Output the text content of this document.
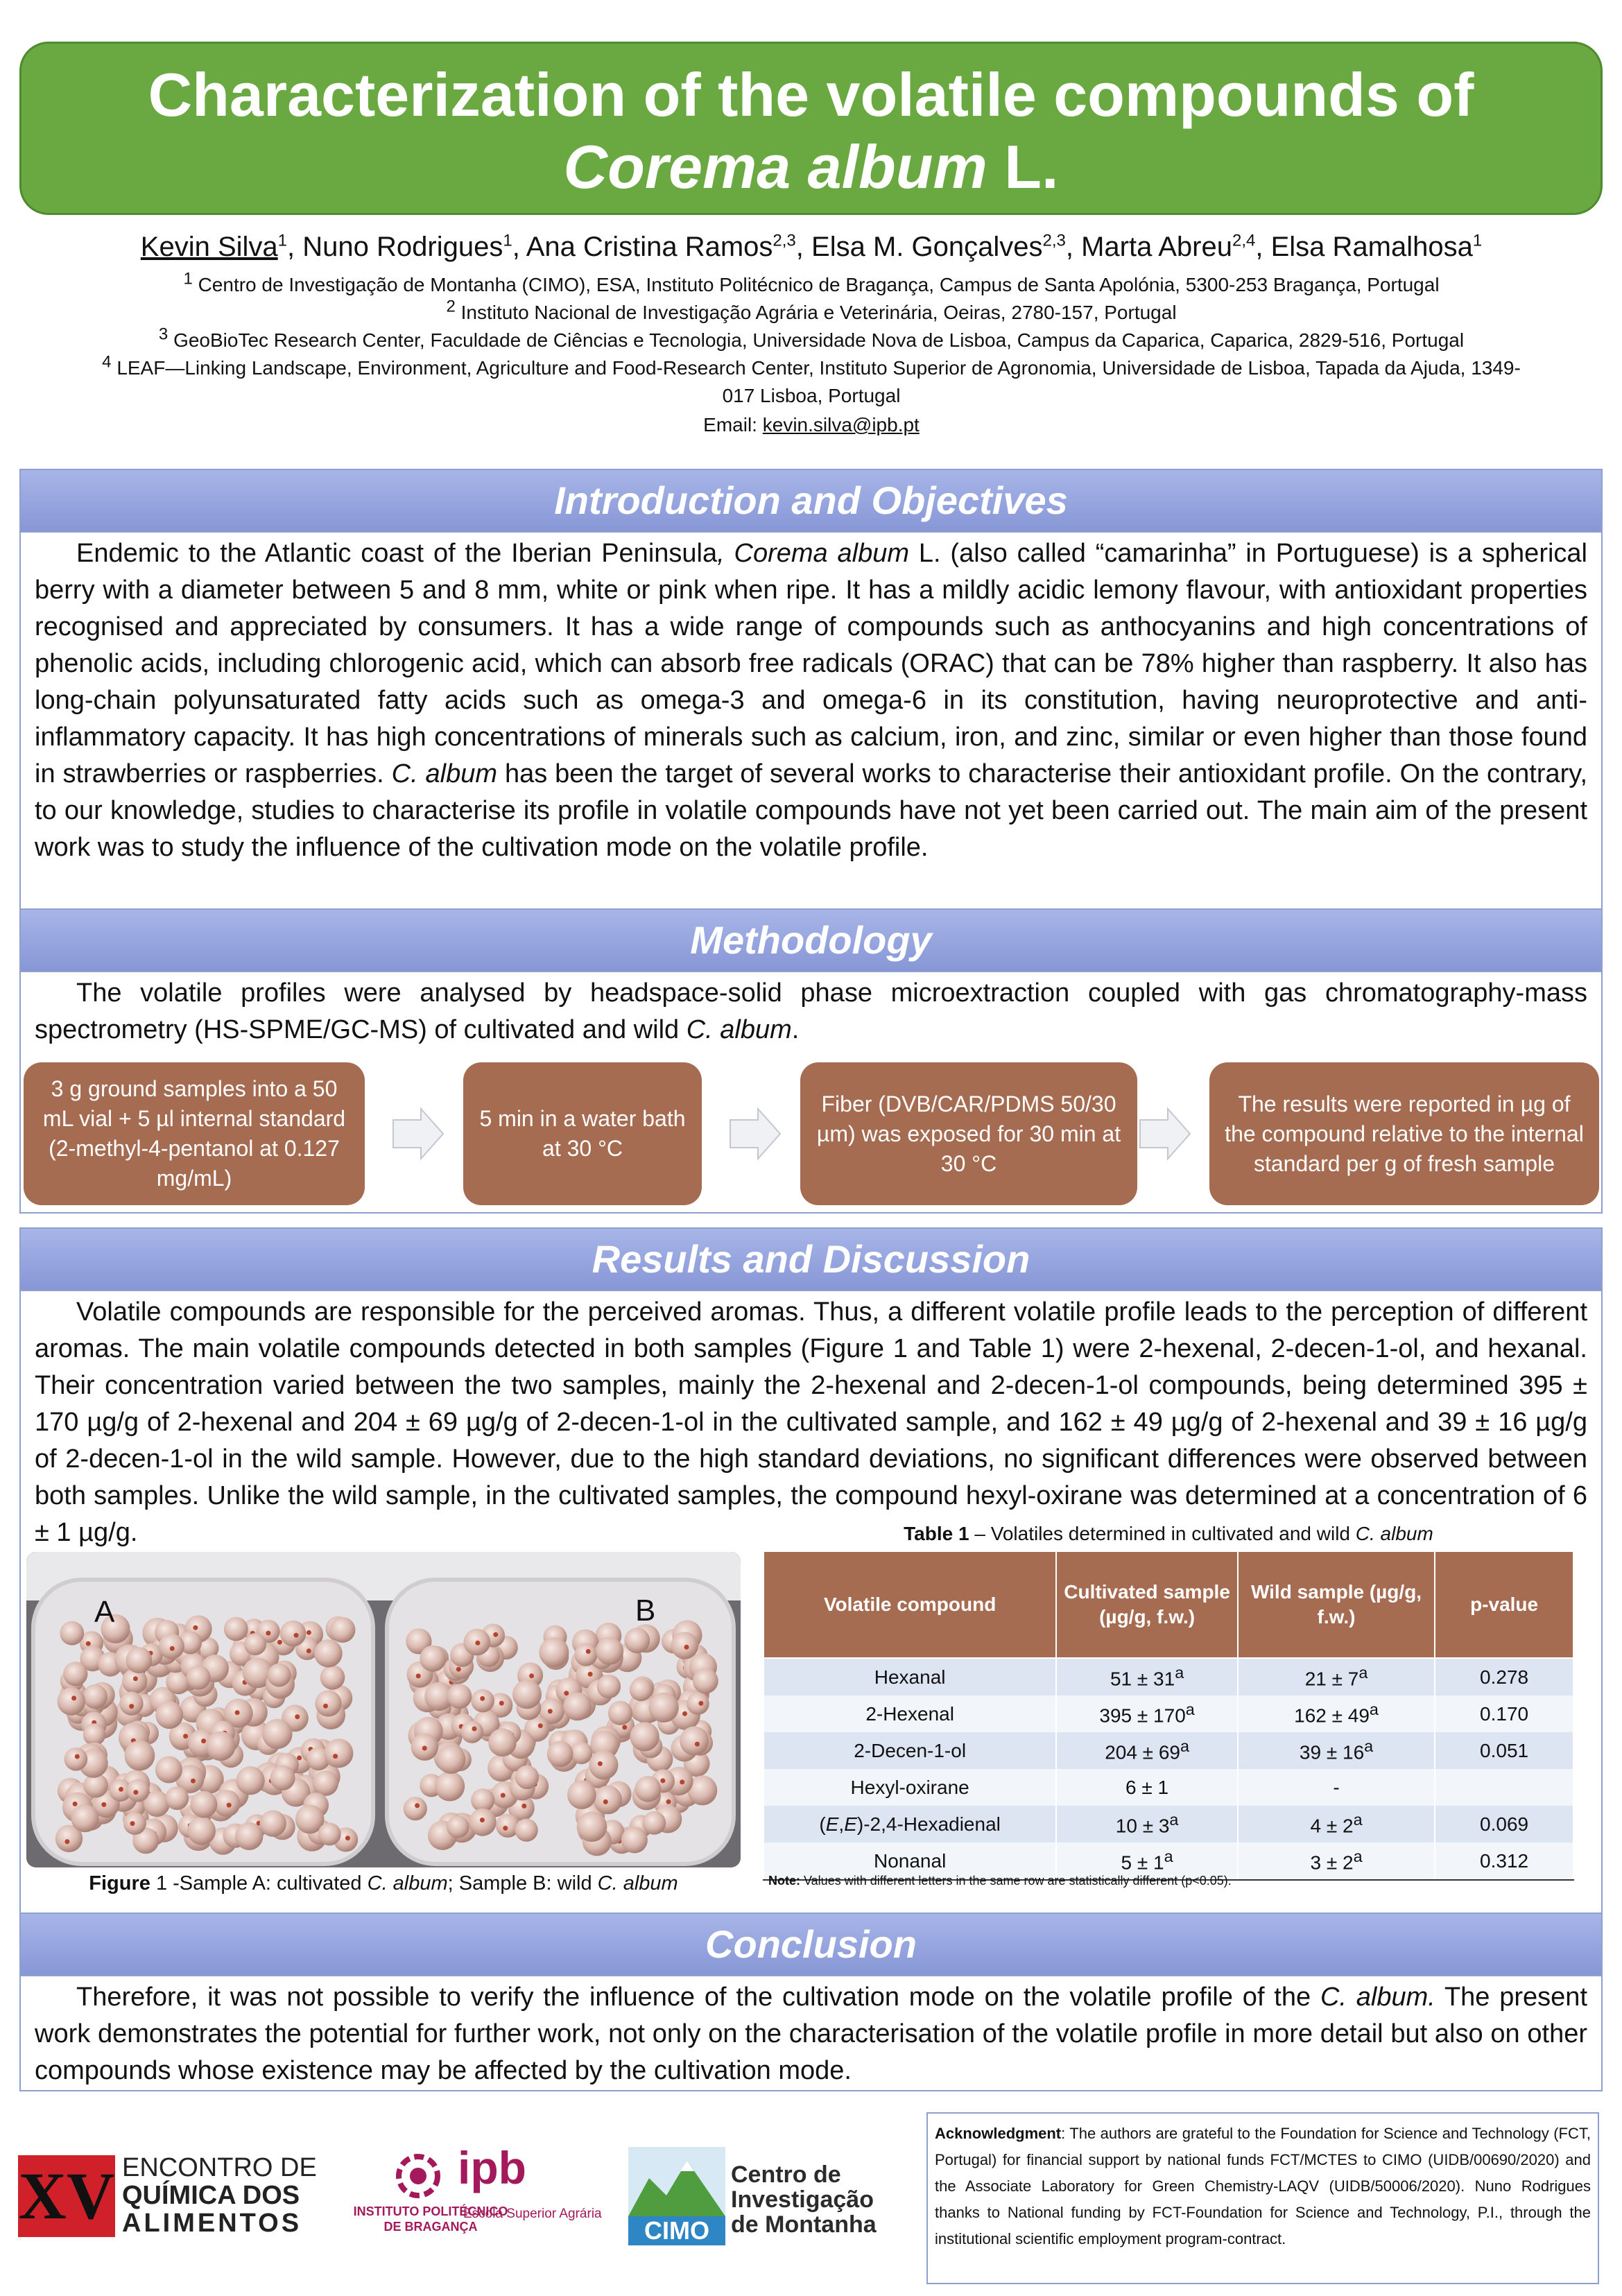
Characterization of the volatile compounds of
Corema album L.
Kevin Silva$^1$, Nuno Rodrigues$^1$, Ana Cristina Ramos$^{2,3}$, Elsa M. Gonçalves$^{2,3}$, Marta Abreu$^{2,4}$, Elsa Ramalhosa$^1$
$^1$ Centro de Investigação de Montanha (CIMO), ESA, Instituto Politécnico de Bragança, Campus de Santa Apolónia, 5300-253 Bragança, Portugal
$^2$ Instituto Nacional de Investigação Agrária e Veterinária, Oeiras, 2780-157, Portugal
$^3$ GeoBioTec Research Center, Faculdade de Ciências e Tecnologia, Universidade Nova de Lisboa, Campus da Caparica, Caparica, 2829-516, Portugal
$^4$ LEAF—Linking Landscape, Environment, Agriculture and Food-Research Center, Instituto Superior de Agronomia, Universidade de Lisboa, Tapada da Ajuda, 1349-
017 Lisboa, Portugal
Email: kevin.silva@ipb.pt
Introduction and Objectives
Endemic to the Atlantic coast of the Iberian Peninsula, Corema album L. (also called “camarinha” in Portuguese) is a spherical berry with a diameter between 5 and 8 mm, white or pink when ripe. It has a mildly acidic lemony flavour, with antioxidant properties recognised and appreciated by consumers. It has a wide range of compounds such as anthocyanins and high concentrations of phenolic acids, including chlorogenic acid, which can absorb free radicals (ORAC) that can be 78% higher than raspberry. It also has long-chain polyunsaturated fatty acids such as omega-3 and omega-6 in its constitution, having neuroprotective and anti-inflammatory capacity. It has high concentrations of minerals such as calcium, iron, and zinc, similar or even higher than those found in strawberries or raspberries. C. album has been the target of several works to characterise their antioxidant profile. On the contrary, to our knowledge, studies to characterise its profile in volatile compounds have not yet been carried out. The main aim of the present work was to study the influence of the cultivation mode on the volatile profile.
Methodology
The volatile profiles were analysed by headspace-solid phase microextraction coupled with gas chromatography-mass spectrometry (HS-SPME/GC-MS) of cultivated and wild C. album.
3 g ground samples into a 50 mL vial + 5 µl internal standard (2-methyl-4-pentanol at 0.127 mg/mL)
5 min in a water bath at 30 °C
Fiber (DVB/CAR/PDMS 50/30 µm) was exposed for 30 min at 30 °C
The results were reported in µg of the compound relative to the internal standard per g of fresh sample
Results and Discussion
Volatile compounds are responsible for the perceived aromas. Thus, a different volatile profile leads to the perception of different aromas. The main volatile compounds detected in both samples (Figure 1 and Table 1) were 2-hexenal, 2-decen-1-ol, and hexanal. Their concentration varied between the two samples, mainly the 2-hexenal and 2-decen-1-ol compounds, being determined 395 ± 170 µg/g of 2-hexenal and 204 ± 69 µg/g of 2-decen-1-ol in the cultivated sample, and 162 ± 49 µg/g of 2-hexenal and 39 ± 16 µg/g of 2-decen-1-ol in the wild sample. However, due to the high standard deviations, no significant differences were observed between both samples. Unlike the wild sample, in the cultivated samples, the compound hexyl-oxirane was determined at a concentration of 6 ± 1 µg/g.
A	B
Figure 1 -Sample A: cultivated C. album; Sample B: wild C. album
Table 1 – Volatiles determined in cultivated and wild C. album
Volatile compound	Cultivated sample (µg/g, f.w.)	Wild sample (µg/g, f.w.)	p-value
Hexanal	$51 \pm 31^a$	$21 \pm 7^a$	0.278
2-Hexenal	$395 \pm 170^a$	$162 \pm 49^a$	0.170
2-Decen-1-ol	$204 \pm 69^a$	$39 \pm 16^a$	0.051
Hexyl-oxirane	6 ± 1	-	
(E,E)-2,4-Hexadienal	$10 \pm 3^a$	$4 \pm 2^a$	0.069
Nonanal	$5 \pm 1^a$	$3 \pm 2^a$	0.312
Note: Values with different letters in the same row are statistically different (p<0.05).
Conclusion
Therefore, it was not possible to verify the influence of the cultivation mode on the volatile profile of the C. album. The present work demonstrates the potential for further work, not only on the characterisation of the volatile profile in more detail but also on other compounds whose existence may be affected by the cultivation mode.
XV ENCONTRO DE
QUÍMICA DOS
ALIMENTOS
ipb
INSTITUTO POLITÉCNICO
DE BRAGANÇA
Escola Superior Agrária
CIMO
Centro de
Investigação
de Montanha
Acknowledgment: The authors are grateful to the Foundation for Science and Technology (FCT, Portugal) for financial support by national funds FCT/MCTES to CIMO (UIDB/00690/2020) and the Associate Laboratory for Green Chemistry-LAQV (UIDB/50006/2020). Nuno Rodrigues thanks to National funding by FCT-Foundation for Science and Technology, P.I., through the institutional scientific employment program-contract.
